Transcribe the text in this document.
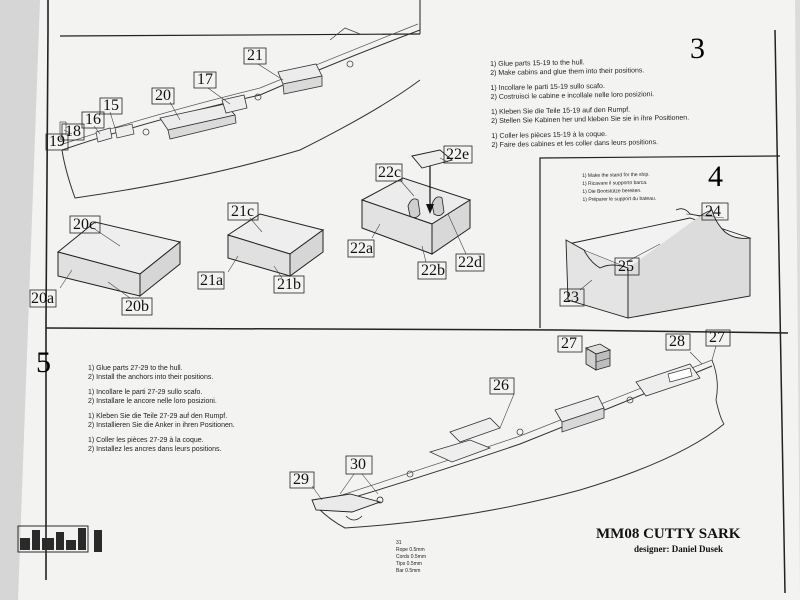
3
4
5
1) Glue parts 15-19 to the hull.
2) Make cabins and glue them into their positions.
1) Incollare le parti 15-19 sullo scafo.
2) Costruisci le cabine e incollale nelle loro posizioni.
1) Kleben Sie die Teile 15-19 auf den Rumpf.
2) Stellen Sie Kabinen her und kleben Sie sie in ihre Positionen.
1) Coller les pièces 15-19 à la coque.
2) Faire des cabines et les coller dans leurs positions.
1) Make the stand for the ship.
1) Ricavare il supporto barca.
1) Die Bootstütze bereiten.
1) Préparer le support du bateau.
1) Glue parts 27-29 to the hull.
2) Install the anchors into their positions.
1) Incollare le parti 27-29 sullo scafo.
2) Installare le ancore nelle loro posizioni.
1) Kleben Sie die Teile 27-29 auf den Rumpf.
2) Installieren Sie die Anker in ihren Positionen.
1) Coller les pièces 27-29 à la coque.
2) Installez les ancres dans leurs positions.
21
17
20
15
16
18
19
20c
20a	20b
21c
21a	21b
22c
22e
22a
22b 22d
24
25
23
27	28 27
26
30
29
MM08 CUTTY SARK
designer: Daniel Dusek
31
Rope 0.5mm
Cords 0.5mm
Tips 0.5mm
Bar 0.5mm
